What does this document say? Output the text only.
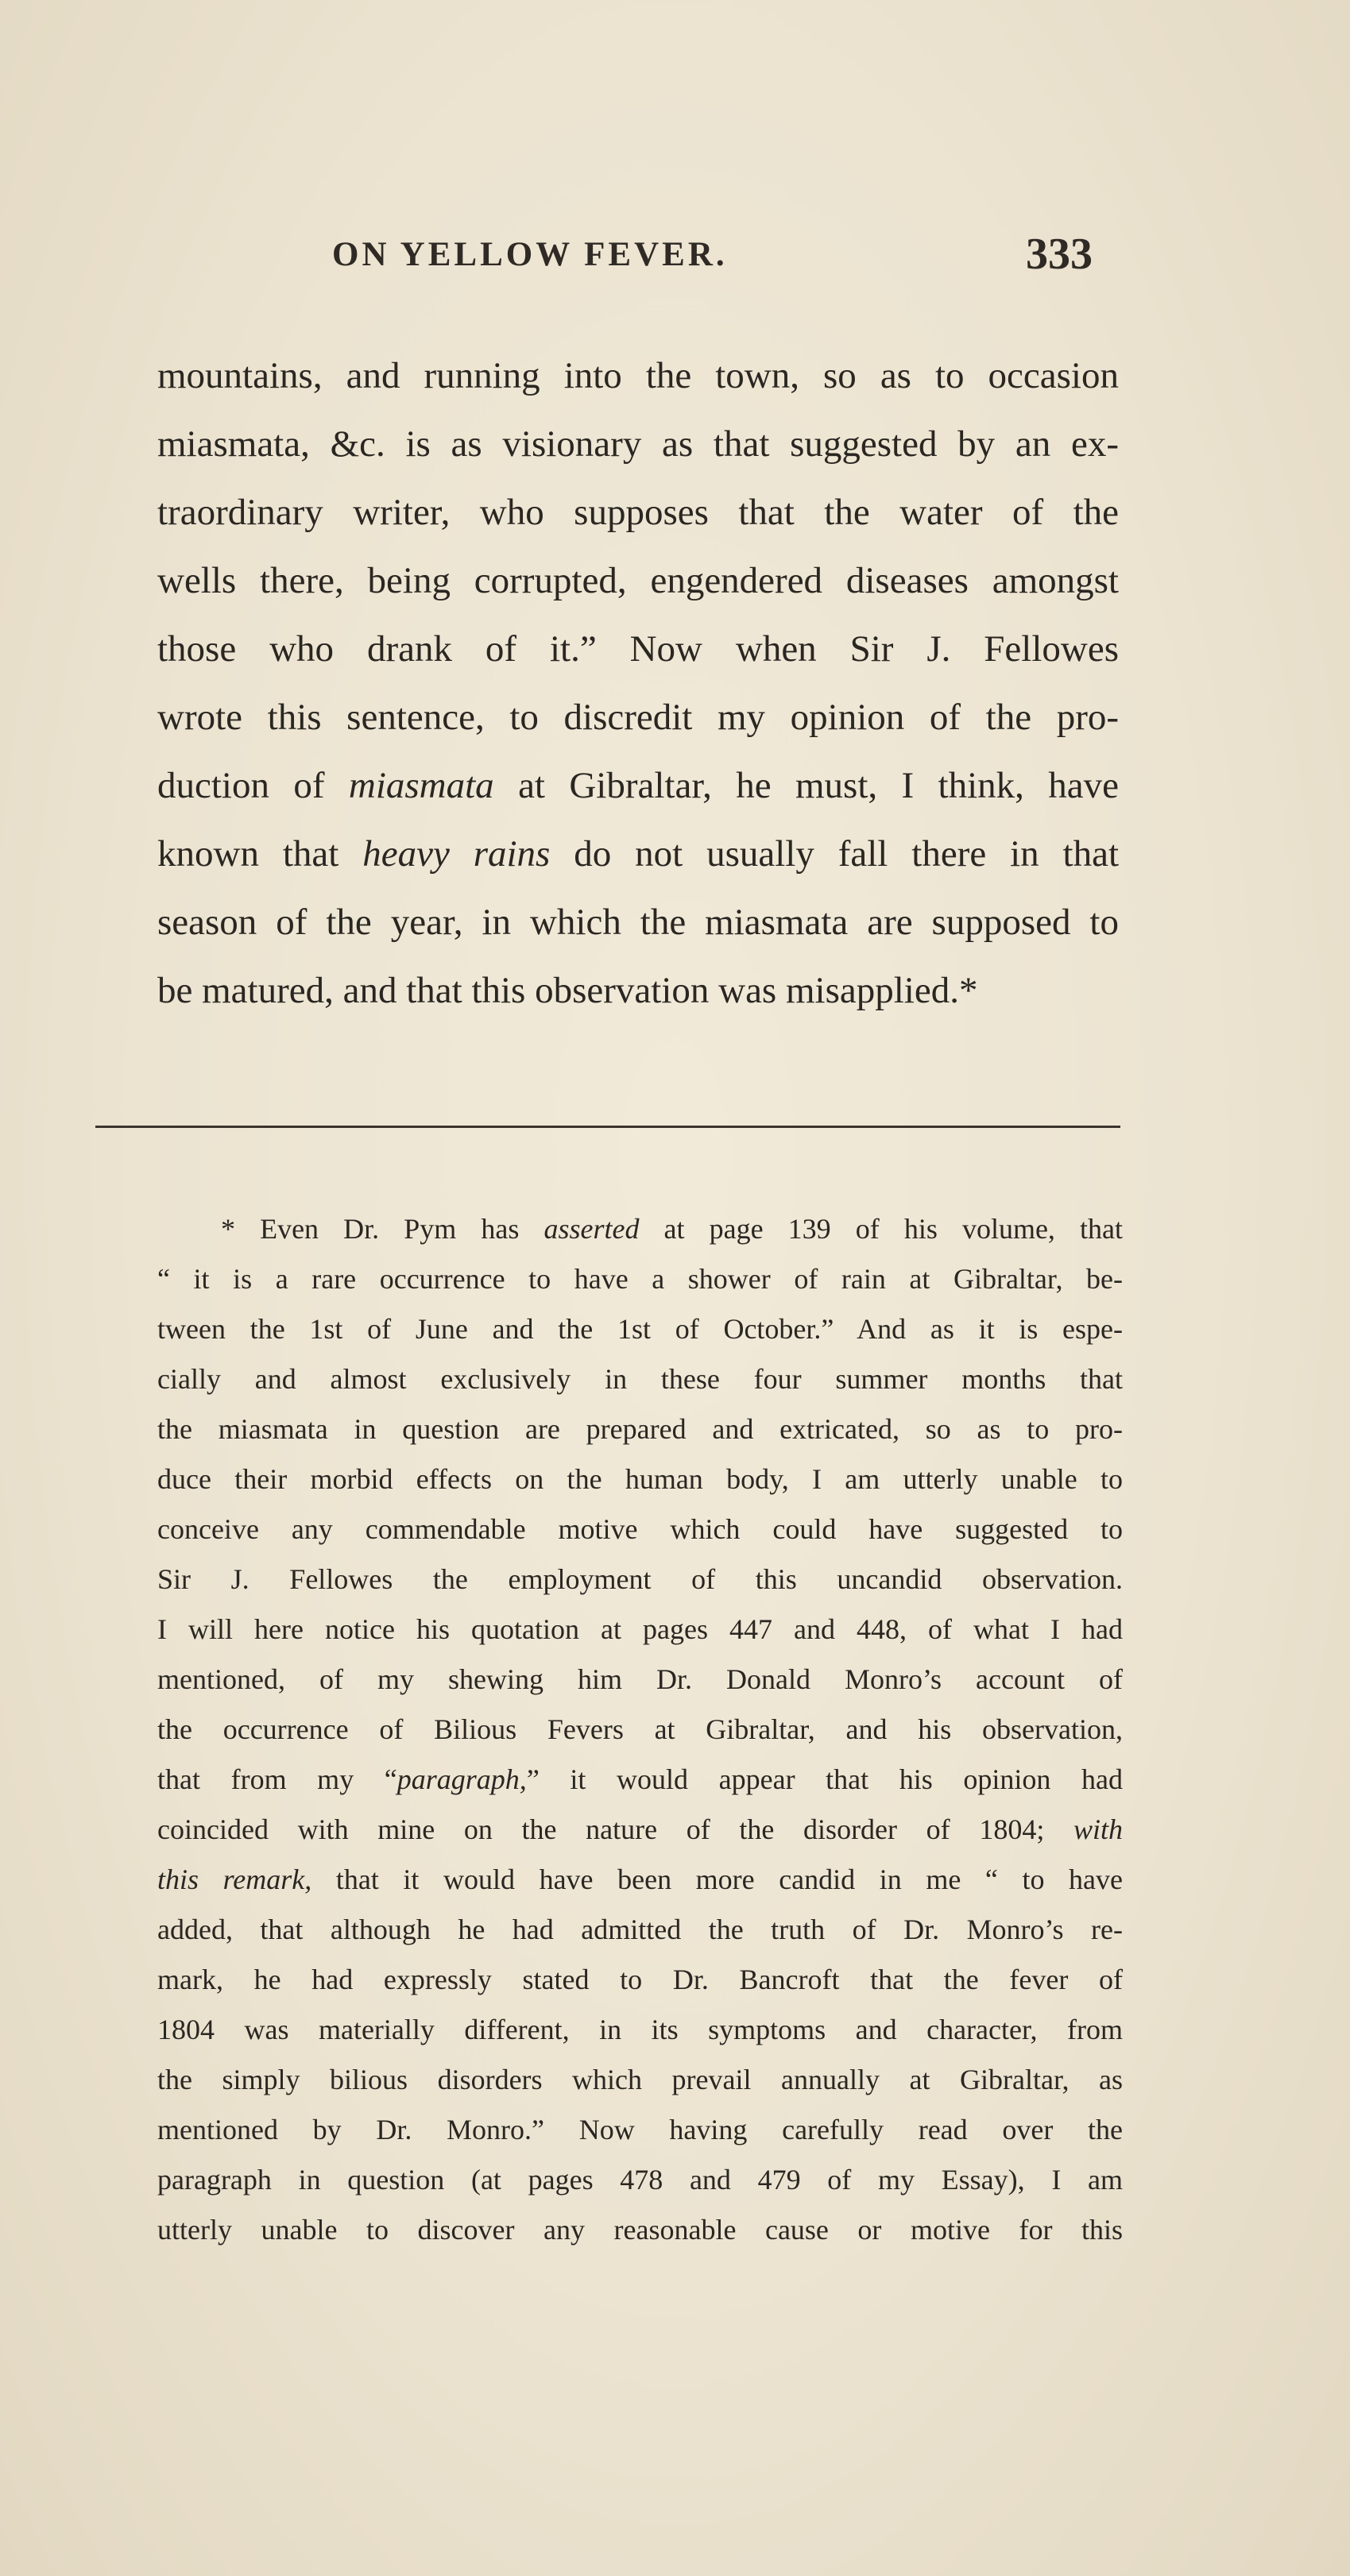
ON YELLOW FEVER.	333
mountains, and running into the town, so as to occasion
miasmata, &c. is as visionary as that suggested by an ex-
traordinary writer, who supposes that the water of the
wells there, being corrupted, engendered diseases amongst
those who drank of it.” Now when Sir J. Fellowes
wrote this sentence, to discredit my opinion of the pro-
duction of miasmata at Gibraltar, he must, I think, have
known that heavy rains do not usually fall there in that
season of the year, in which the miasmata are supposed to
be matured, and that this observation was misapplied.*
* Even Dr. Pym has asserted at page 139 of his volume, that
“ it is a rare occurrence to have a shower of rain at Gibraltar, be-
tween the 1st of June and the 1st of October.” And as it is espe-
cially and almost exclusively in these four summer months that
the miasmata in question are prepared and extricated, so as to pro-
duce their morbid effects on the human body, I am utterly unable to
conceive any commendable motive which could have suggested to
Sir J. Fellowes the employment of this uncandid observation.
I will here notice his quotation at pages 447 and 448, of what I had
mentioned, of my shewing him Dr. Donald Monro’s account of
the occurrence of Bilious Fevers at Gibraltar, and his observation,
that from my “paragraph,” it would appear that his opinion had
coincided with mine on the nature of the disorder of 1804; with
this remark, that it would have been more candid in me “ to have
added, that although he had admitted the truth of Dr. Monro’s re-
mark, he had expressly stated to Dr. Bancroft that the fever of
1804 was materially different, in its symptoms and character, from
the simply bilious disorders which prevail annually at Gibraltar, as
mentioned by Dr. Monro.” Now having carefully read over the
paragraph in question (at pages 478 and 479 of my Essay), I am
utterly unable to discover any reasonable cause or motive for this
